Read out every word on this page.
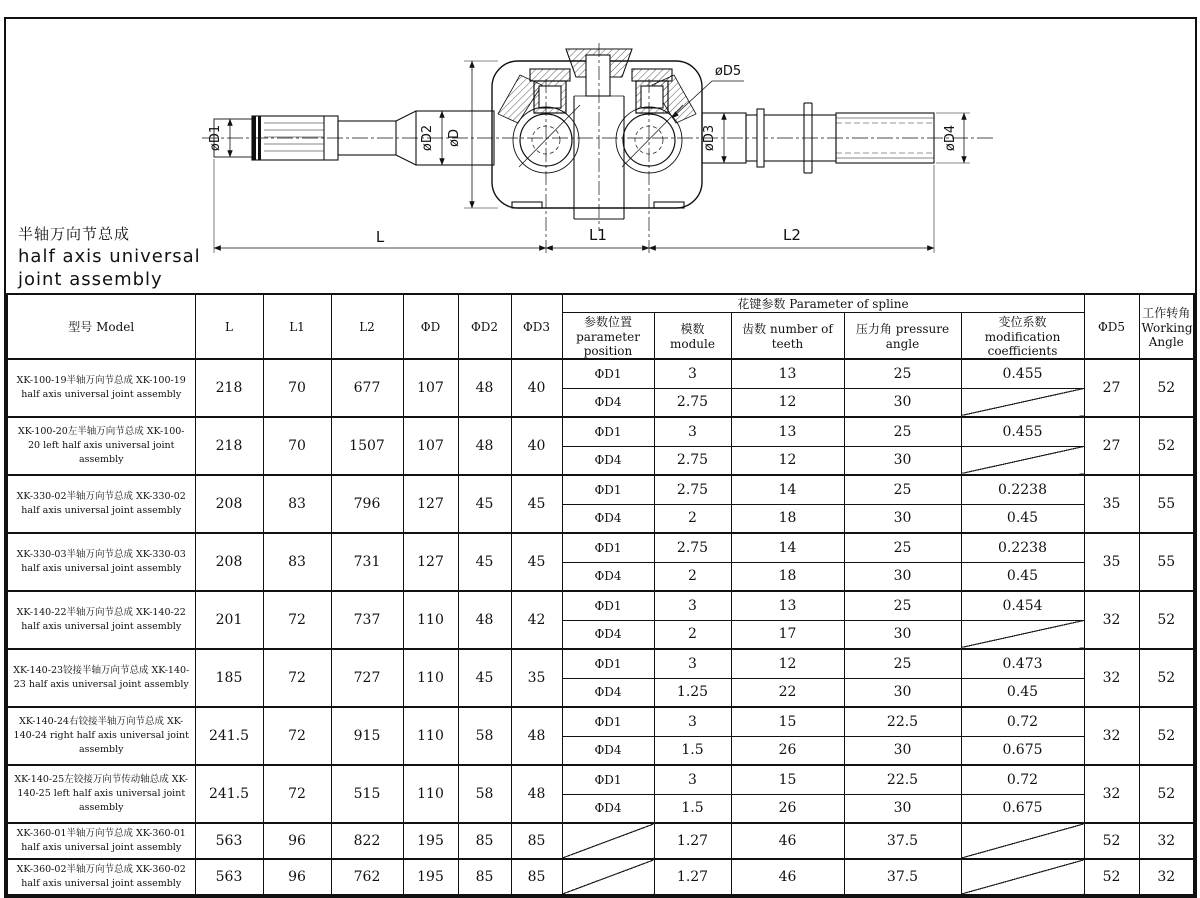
øD1	øD2 øD
øD5
øD3	øD4
L	L1	L2
半轴万向节总成
half axis universal
joint assembly
型号 Model	L	L1	L2	ΦD	ΦD2	ΦD3	花键参数 Parameter of spline					ΦD5	工作转角
Working Angle

							参数位置 parameter position	模数 module	齿数 number of teeth	压力角 pressure angle	变位系数 modification coefficients		
XK-100-19半轴万向节总成 XK-100-19 half axis universal joint assembly	218	70	677	107	48	40	ΦD1	3	13	25	0.455	27	52
							ΦD4	2.75	12	30			
XK-100-20左半轴万向节总成 XK-100-20 left half axis universal joint assembly	218	70	1507	107	48	40	ΦD1	3	13	25	0.455	27	52
							ΦD4	2.75	12	30			
XK-330-02半轴万向节总成 XK-330-02 half axis universal joint assembly	208	83	796	127	45	45	ΦD1	2.75	14	25	0.2238	35	55
							ΦD4	2	18	30	0.45		
XK-330-03半轴万向节总成 XK-330-03 half axis universal joint assembly	208	83	731	127	45	45	ΦD1	2.75	14	25	0.2238	35	55
							ΦD4	2	18	30	0.45		
XK-140-22半轴万向节总成 XK-140-22 half axis universal joint assembly	201	72	737	110	48	42	ΦD1	3	13	25	0.454	32	52
							ΦD4	2	17	30			
XK-140-23铰接半轴万向节总成 XK-140-23 half axis universal joint assembly	185	72	727	110	45	35	ΦD1	3	12	25	0.473	32	52
							ΦD4	1.25	22	30	0.45		
XK-140-24右铰接半轴万向节总成 XK-140-24 right half axis universal joint assembly	241.5	72	915	110	58	48	ΦD1	3	15	22.5	0.72	32	52
							ΦD4	1.5	26	30	0.675		
XK-140-25左铰接万向节传动轴总成 XK-140-25 left half axis universal joint assembly	241.5	72	515	110	58	48	ΦD1	3	15	22.5	0.72	32	52
							ΦD4	1.5	26	30	0.675		
XK-360-01半轴万向节总成 XK-360-01 half axis universal joint assembly	563	96	822	195	85	85		1.27	46	37.5		52	32
XK-360-02半轴万向节总成 XK-360-02 half axis universal joint assembly	563	96	762	195	85	85		1.27	46	37.5		52	32
